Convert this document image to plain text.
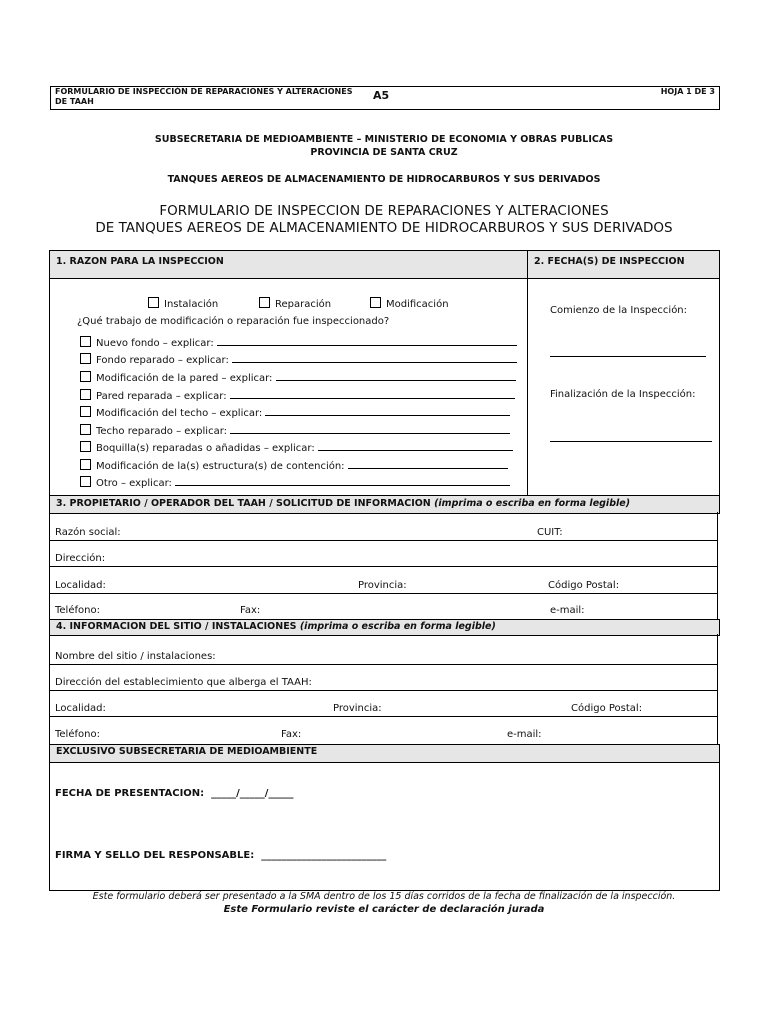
FORMULARIO DE INSPECCIÓN DE REPARACIONES Y ALTERACIONES DE TAAH	A5	HOJA 1 DE 3
SUBSECRETARIA DE MEDIOAMBIENTE – MINISTERIO DE ECONOMIA Y OBRAS PUBLICAS
PROVINCIA DE SANTA CRUZ
TANQUES AEREOS DE ALMACENAMIENTO DE HIDROCARBUROS Y SUS DERIVADOS
FORMULARIO DE INSPECCION DE REPARACIONES Y ALTERACIONES
DE TANQUES AEREOS DE ALMACENAMIENTO DE HIDROCARBUROS Y SUS DERIVADOS
1. RAZON PARA LA INSPECCION	2. FECHA(S) DE INSPECCION
Instalación	Reparación	Modificación
¿Qué trabajo de modificación o reparación fue inspeccionado?
Nuevo fondo – explicar:
Fondo reparado – explicar:
Modificación de la pared – explicar:
Pared reparada – explicar:
Modificación del techo – explicar:
Techo reparado – explicar:
Boquilla(s) reparadas o añadidas – explicar:
Modificación de la(s) estructura(s) de contención:
Otro – explicar:
Comienzo de la Inspección:
Finalización de la Inspección:
3. PROPIETARIO / OPERADOR DEL TAAH / SOLICITUD DE INFORMACION (imprima o escriba en forma legible)
Razón social:	CUIT:
Dirección:
Localidad:	Provincia:	Código Postal:
Teléfono:	Fax:	e-mail:
4. INFORMACION DEL SITIO / INSTALACIONES (imprima o escriba en forma legible)
Nombre del sitio / instalaciones:
Dirección del establecimiento que alberga el TAAH:
Localidad:	Provincia:	Código Postal:
Teléfono:	Fax:	e-mail:
EXCLUSIVO SUBSECRETARIA DE MEDIOAMBIENTE
FECHA DE PRESENTACION: _____/_____/_____
FIRMA Y SELLO DEL RESPONSABLE: _________________________
Este formulario deberá ser presentado a la SMA dentro de los 15 días corridos de la fecha de finalización de la inspección.
Este Formulario reviste el carácter de declaración jurada
